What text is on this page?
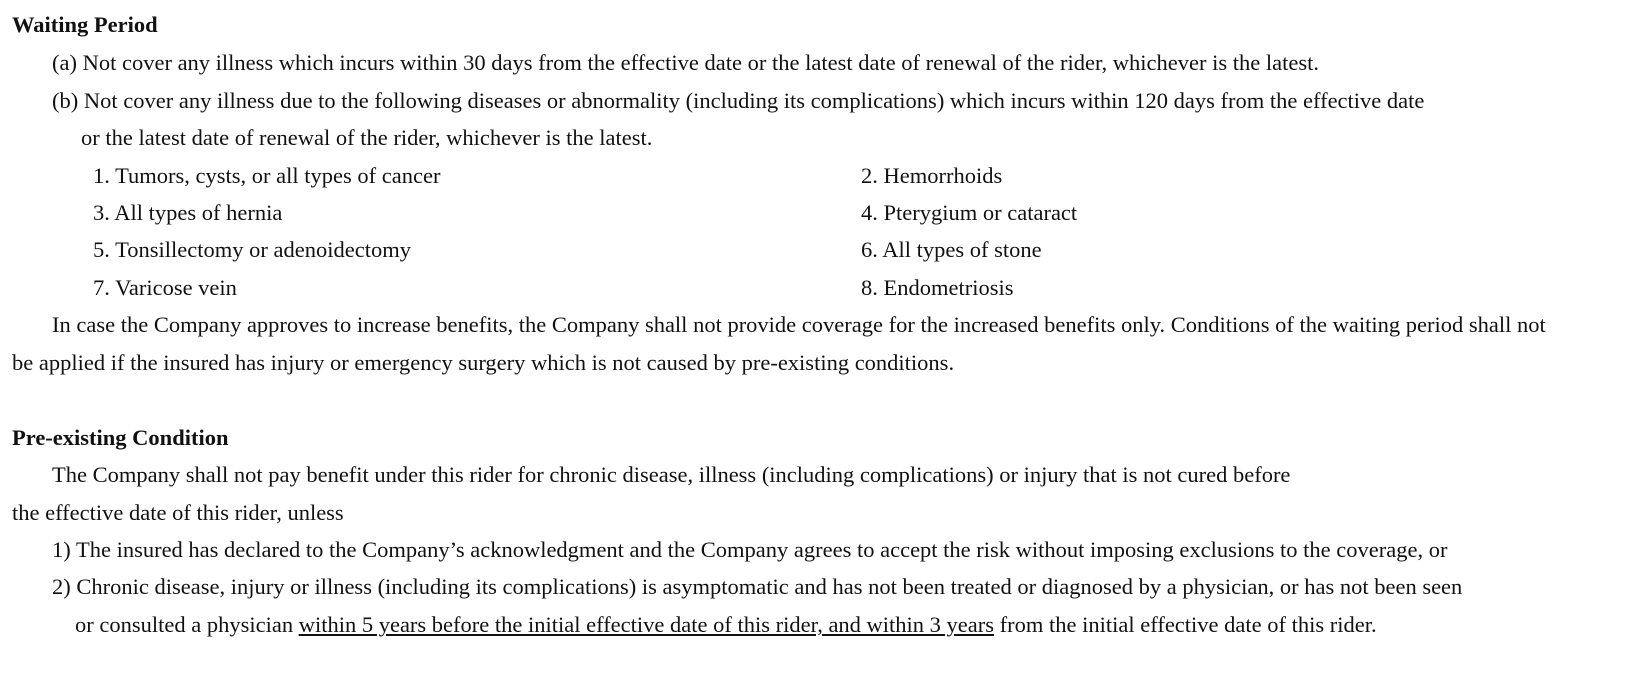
Waiting Period
(a) Not cover any illness which incurs within 30 days from the effective date or the latest date of renewal of the rider, whichever is the latest.
(b) Not cover any illness due to the following diseases or abnormality (including its complications) which incurs within 120 days from the effective date
or the latest date of renewal of the rider, whichever is the latest.
1. Tumors, cysts, or all types of cancer	2. Hemorrhoids
3. All types of hernia	4. Pterygium or cataract
5. Tonsillectomy or adenoidectomy	6. All types of stone
7. Varicose vein	8. Endometriosis
In case the Company approves to increase benefits, the Company shall not provide coverage for the increased benefits only. Conditions of the waiting period shall not
be applied if the insured has injury or emergency surgery which is not caused by pre-existing conditions.
Pre-existing Condition
The Company shall not pay benefit under this rider for chronic disease, illness (including complications) or injury that is not cured before
the effective date of this rider, unless
1) The insured has declared to the Company’s acknowledgment and the Company agrees to accept the risk without imposing exclusions to the coverage, or
2) Chronic disease, injury or illness (including its complications) is asymptomatic and has not been treated or diagnosed by a physician, or has not been seen
or consulted a physician within 5 years before the initial effective date of this rider, and within 3 years from the initial effective date of this rider.
